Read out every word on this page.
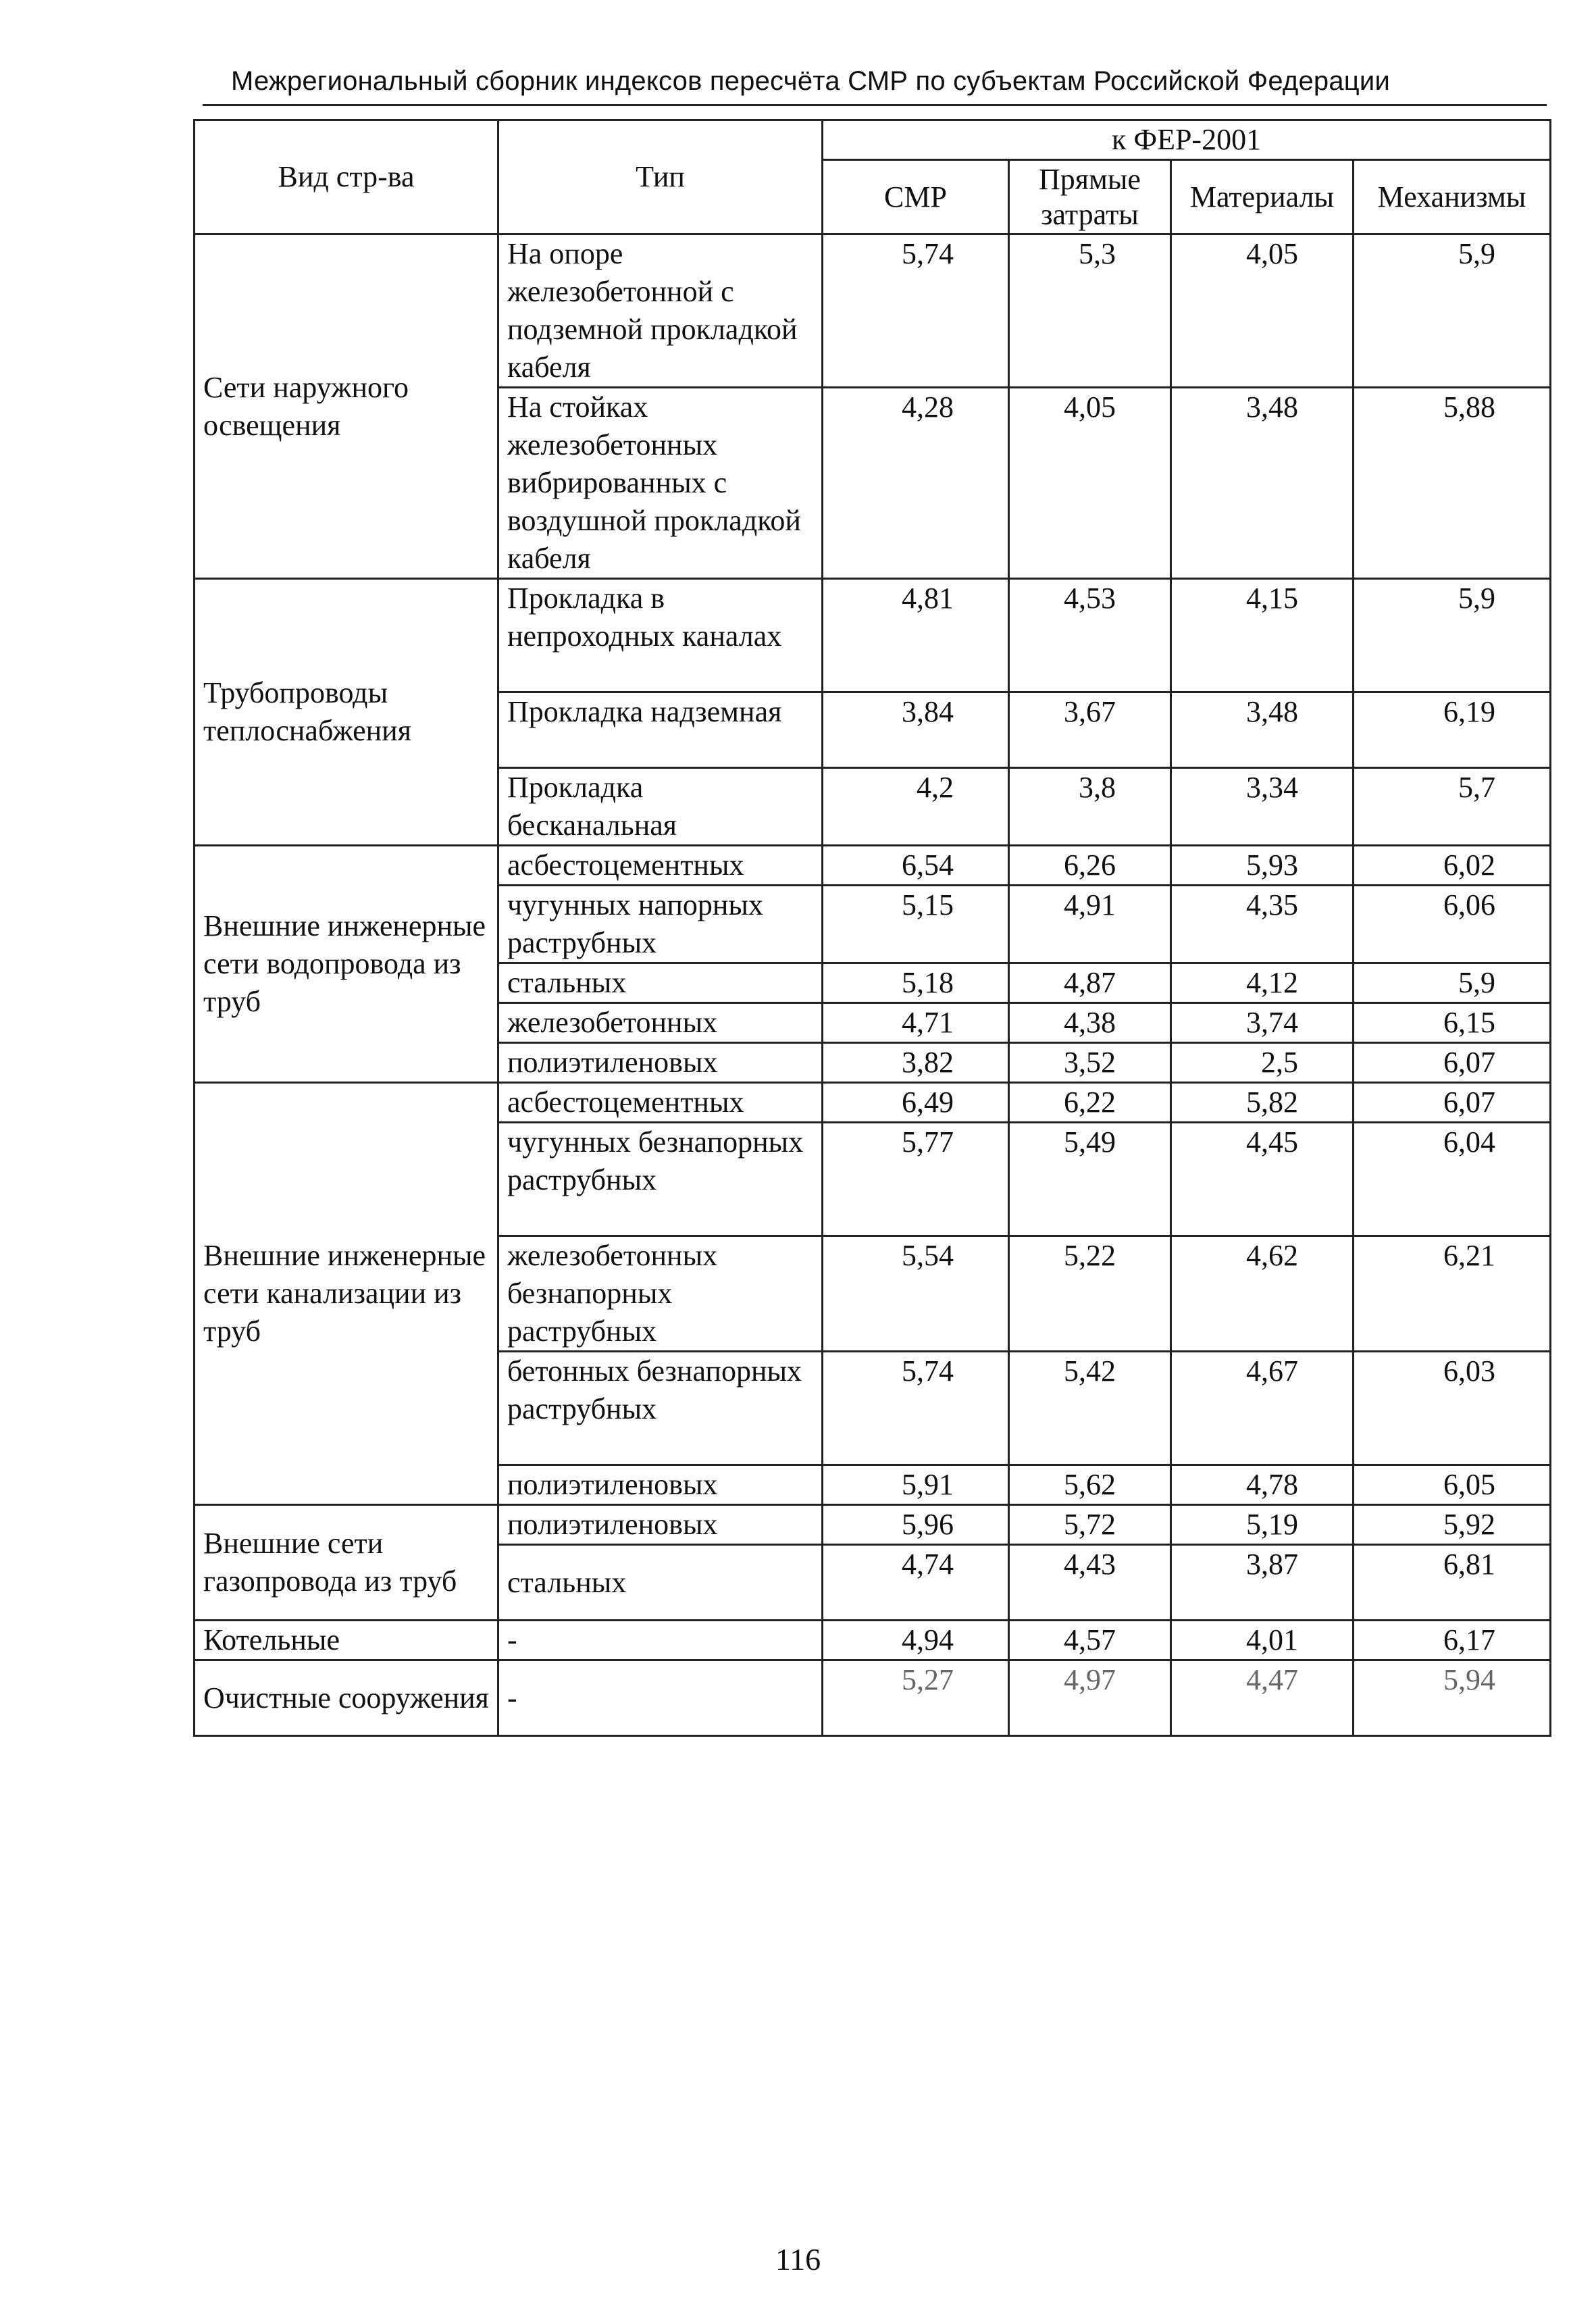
Межрегиональный сборник индексов пересчёта СМР по субъектам Российской Федерации
Вид стр-ва	Тип	к ФЕР-2001			
		СМР	Прямые затраты	Материалы	Механизмы
Сети наружного освещения	На опоре железобетонной с подземной прокладкой кабеля	5,74	5,3	4,05	5,9
	На стойках железобетонных вибрированных с воздушной прокладкой кабеля	4,28	4,05	3,48	5,88
Трубопроводы теплоснабжения	Прокладка в непроходных каналах	4,81	4,53	4,15	5,9
	Прокладка надземная	3,84	3,67	3,48	6,19
	Прокладка бесканальная	4,2	3,8	3,34	5,7
Внешние инженерные сети водопровода из труб	асбестоцементных	6,54	6,26	5,93	6,02
	чугунных напорных раструбных	5,15	4,91	4,35	6,06
	стальных	5,18	4,87	4,12	5,9
	железобетонных	4,71	4,38	3,74	6,15
	полиэтиленовых	3,82	3,52	2,5	6,07
Внешние инженерные сети канализации из труб	асбестоцементных	6,49	6,22	5,82	6,07
	чугунных безнапорных раструбных	5,77	5,49	4,45	6,04
	железобетонных безнапорных раструбных	5,54	5,22	4,62	6,21
	бетонных безнапорных раструбных	5,74	5,42	4,67	6,03
	полиэтиленовых	5,91	5,62	4,78	6,05
Внешние сети газопровода из труб	полиэтиленовых	5,96	5,72	5,19	5,92
	стальных	4,74	4,43	3,87	6,81
Котельные	-	4,94	4,57	4,01	6,17
Очистные сооружения	-	5,27	4,97	4,47	5,94
116
